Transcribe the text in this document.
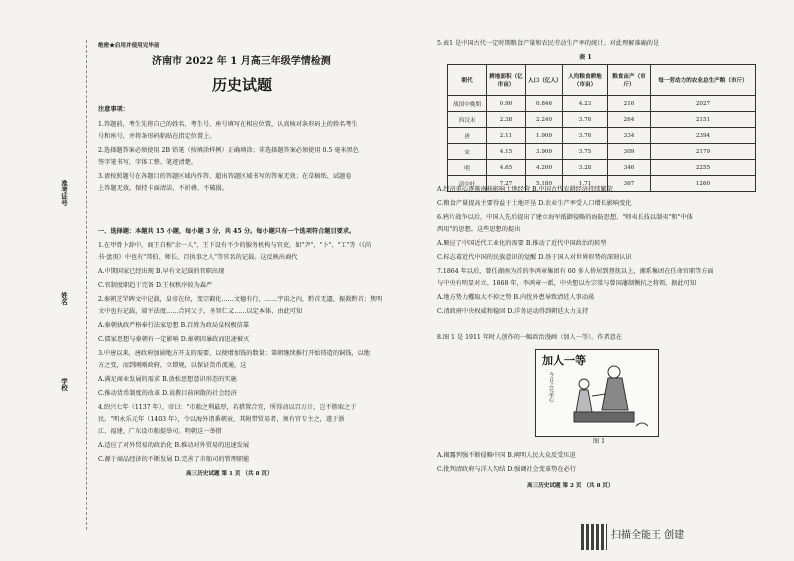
绝密★启用并使用完毕前
济南市 2022 年 1 月高三年级学情检测
历史试题
注意事项：
1.答题前，考生先将自己的姓名、考生号、座号填写在相应位置，认真核对条形码上的姓名考生
号和座号，并将条形码粘贴在指定位置上。
2.选择题答案必须使用 2B 铅笔（按填涂样例）正确填涂；非选择题答案必须使用 0.5 毫米黑色
签字笔书写，字体工整、笔迹清楚。
3.请按照题号在各题目的答题区域内作答，超出答题区域书写的答案无效；在草稿纸、试题卷
上答题无效。保持卡面清洁，不折叠、不破损。
准考证号
姓名
学校
一、选择题：本题共 15 小题，每小题 3 分，共 45 分。每小题只有一个选项符合题目要求。
1.在甲骨卜辞中，商王自称"余一人"，王下设有不少的服务机构与官吏，如"尹"、"卜"、"工"等（《尚
书·盘庚》中也有"邦伯、师长、百执事之人"等官名的记载。这反映出商代
A.中期国家已经出现 B.早有文记载的官职出现
C.官制度职趋于完备 D.王权秩序较为森严
2.秦朝芝罘碑文中记载，皇帝在位，变宗叡化……文德有行，……宇宙之内，黔首无逼，振救黔首；焦明
文中也有记载，端平法度……合同父子，圣智仁义……以定本体，由此可知
A.秦朝执政严格奉行法家思想 B.百姓为政局皇权极信靠
C.儒家思想与秦朝有一定影响 D.秦朝因暴政而迅速被灭
3.中唐以来，唐政府加剧地方开支的需要，以便增加钱的数量；第朝继续推行开始铸造的铜钱，以地
方之变，而到刚刚政府，立即规，以保证货币流通，这
A.满足商业发展的需求 B.放松思想意识形态的实施
C.推动货币制度的改革 D.说教目前闲散的社会经济
4.绍兴七年（1137 年），帝曰："市舶之利最厚，若措置合宜，所得动以百万计，岂不胜取之于
民。"明永乐元年（1403 年），令以海外诸番朝贡，其附带贸易者，须有官专主之，遂于浙
江、福建、广东设市舶提举司。明朝这一举措
A.适应了对外贸易的政治化 B.推动对外贸易的迅速发展
C.源于商品经济的不断发展 D.完善了市舶司的管理职能
高三历史试题 第 1 页 （共 8 页）
5.表1 是中国古代一定时期粮食产量和农民劳动生产率的统计。对此理解准确的是
表 1
朝代	耕地面积（亿市亩）	人口（亿人）	人均粮食耕地（市亩）	粮食亩产（市斤）	每一劳动力的农业总生产粮（市斤）
战国中晚期	0.90	0.846	4.23	216	2027
西汉末	2.38	2.240	3.76	264	2151
唐	2.11	1.900	3.76	334	2394
宋	4.15	3.900	3.75	309	2179
明	4.65	4.200	3.28	346	2255
清中叶	7.27	5.180	1.71	367	1260
A.经济重心逐渐南移影响土地经营 B.中国古代农耕经济持续繁荣
C.粮食产量提高主要得益于土地开垦 D.农业生产率受人口增长影响变化
6.鸦片战争以后，中国人先后提出了建立海军抵御侵略的海防思想、"师夷长技以制夷"和"中体
西用"的思想。这些思想的提出
A.顺应了中国近代工业化的需要 B.推动了近代中国政治的转型
C.标志着近代中国的民族意识的觉醒 D.基于国人对世界形势的深刻认识
7.1864 年以后，曾任湖南为首的李鸿章集团有 60 多人侨居到督抚以上，湘系集团在任命官职等方面
与中央有明显对立。1868 年，李鸿章一派，中央想以左宗棠与曾国藩制衡抗之将领。据此可知
A.地方势力攫取大不掉之势 B.内忧外患导致清廷人事动荡
C.清政府中央权威和稳固 D.洋务运动得到朝廷大力支持
8.图 1 是 1911 年时人创作的一幅政治漫画（加人一等）。作者意在
加人一等
今日之兄弟心
图 1
A.揭露列强不断侵略中国 B.阐明人民大众反受压迫
C.批判清政府与洋人勾结 D.强调社会变革势在必行
高三历史试题 第 2 页 （共 8 页）
扫描全能王 创建
